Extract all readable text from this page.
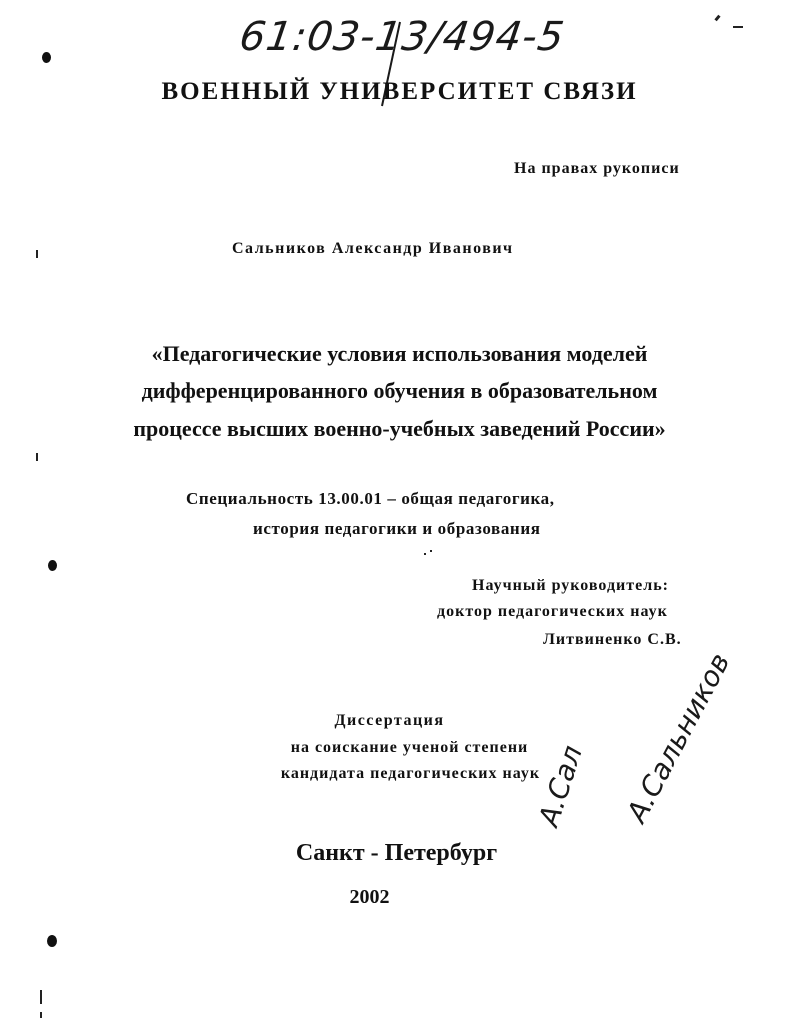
61:03-13/494-5
ВОЕННЫЙ УНИВЕРСИТЕТ СВЯЗИ
На правах рукописи
Сальников Александр Иванович
«Педагогические условия использования моделей
дифференцированного обучения в образовательном
процессе высших военно-учебных заведений России»
Специальность 13.00.01 – общая педагогика,
история педагогики и образования
Научный руководитель:
доктор педагогических наук
Литвиненко С.В.
Диссертация
на соискание ученой степени
кандидата педагогических наук
Санкт - Петербург
2002
А.Сал А.Сальников
